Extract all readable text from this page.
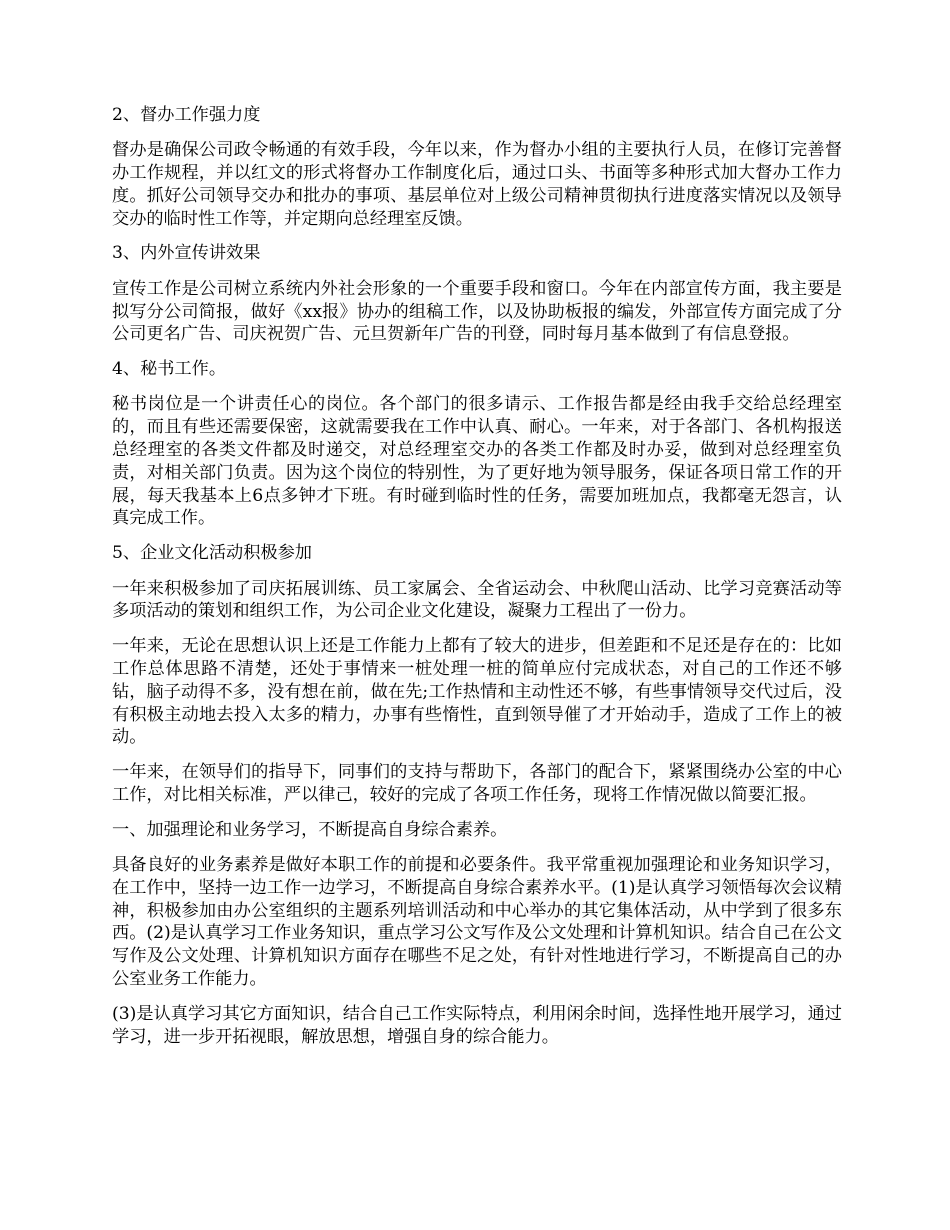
2、督办工作强力度

督办是确保公司政令畅通的有效手段，今年以来，作为督办小组的主要执行人员，在修订完善督办工作规程，并以红文的形式将督办工作制度化后，通过口头、书面等多种形式加大督办工作力度。抓好公司领导交办和批办的事项、基层单位对上级公司精神贯彻执行进度落实情况以及领导交办的临时性工作等，并定期向总经理室反馈。

3、内外宣传讲效果

宣传工作是公司树立系统内外社会形象的一个重要手段和窗口。今年在内部宣传方面，我主要是拟写分公司简报，做好《xx报》协办的组稿工作，以及协助板报的编发，外部宣传方面完成了分公司更名广告、司庆祝贺广告、元旦贺新年广告的刊登，同时每月基本做到了有信息登报。

4、秘书工作。

秘书岗位是一个讲责任心的岗位。各个部门的很多请示、工作报告都是经由我手交给总经理室的，而且有些还需要保密，这就需要我在工作中认真、耐心。一年来，对于各部门、各机构报送总经理室的各类文件都及时递交，对总经理室交办的各类工作都及时办妥，做到对总经理室负责，对相关部门负责。因为这个岗位的特别性，为了更好地为领导服务，保证各项日常工作的开展，每天我基本上6点多钟才下班。有时碰到临时性的任务，需要加班加点，我都毫无怨言，认真完成工作。

5、企业文化活动积极参加

一年来积极参加了司庆拓展训练、员工家属会、全省运动会、中秋爬山活动、比学习竞赛活动等多项活动的策划和组织工作，为公司企业文化建设，凝聚力工程出了一份力。

一年来，无论在思想认识上还是工作能力上都有了较大的进步，但差距和不足还是存在的：比如工作总体思路不清楚，还处于事情来一桩处理一桩的简单应付完成状态，对自己的工作还不够钻，脑子动得不多，没有想在前，做在先;工作热情和主动性还不够，有些事情领导交代过后，没有积极主动地去投入太多的精力，办事有些惰性，直到领导催了才开始动手，造成了工作上的被动。

一年来，在领导们的指导下，同事们的支持与帮助下，各部门的配合下，紧紧围绕办公室的中心工作，对比相关标准，严以律己，较好的完成了各项工作任务，现将工作情况做以简要汇报。

一、加强理论和业务学习，不断提高自身综合素养。

具备良好的业务素养是做好本职工作的前提和必要条件。我平常重视加强理论和业务知识学习，在工作中，坚持一边工作一边学习，不断提高自身综合素养水平。(1)是认真学习领悟每次会议精神，积极参加由办公室组织的主题系列培训活动和中心举办的其它集体活动，从中学到了很多东西。(2)是认真学习工作业务知识，重点学习公文写作及公文处理和计算机知识。结合自己在公文写作及公文处理、计算机知识方面存在哪些不足之处，有针对性地进行学习，不断提高自己的办公室业务工作能力。

(3)是认真学习其它方面知识，结合自己工作实际特点，利用闲余时间，选择性地开展学习，通过学习，进一步开拓视眼，解放思想，增强自身的综合能力。
